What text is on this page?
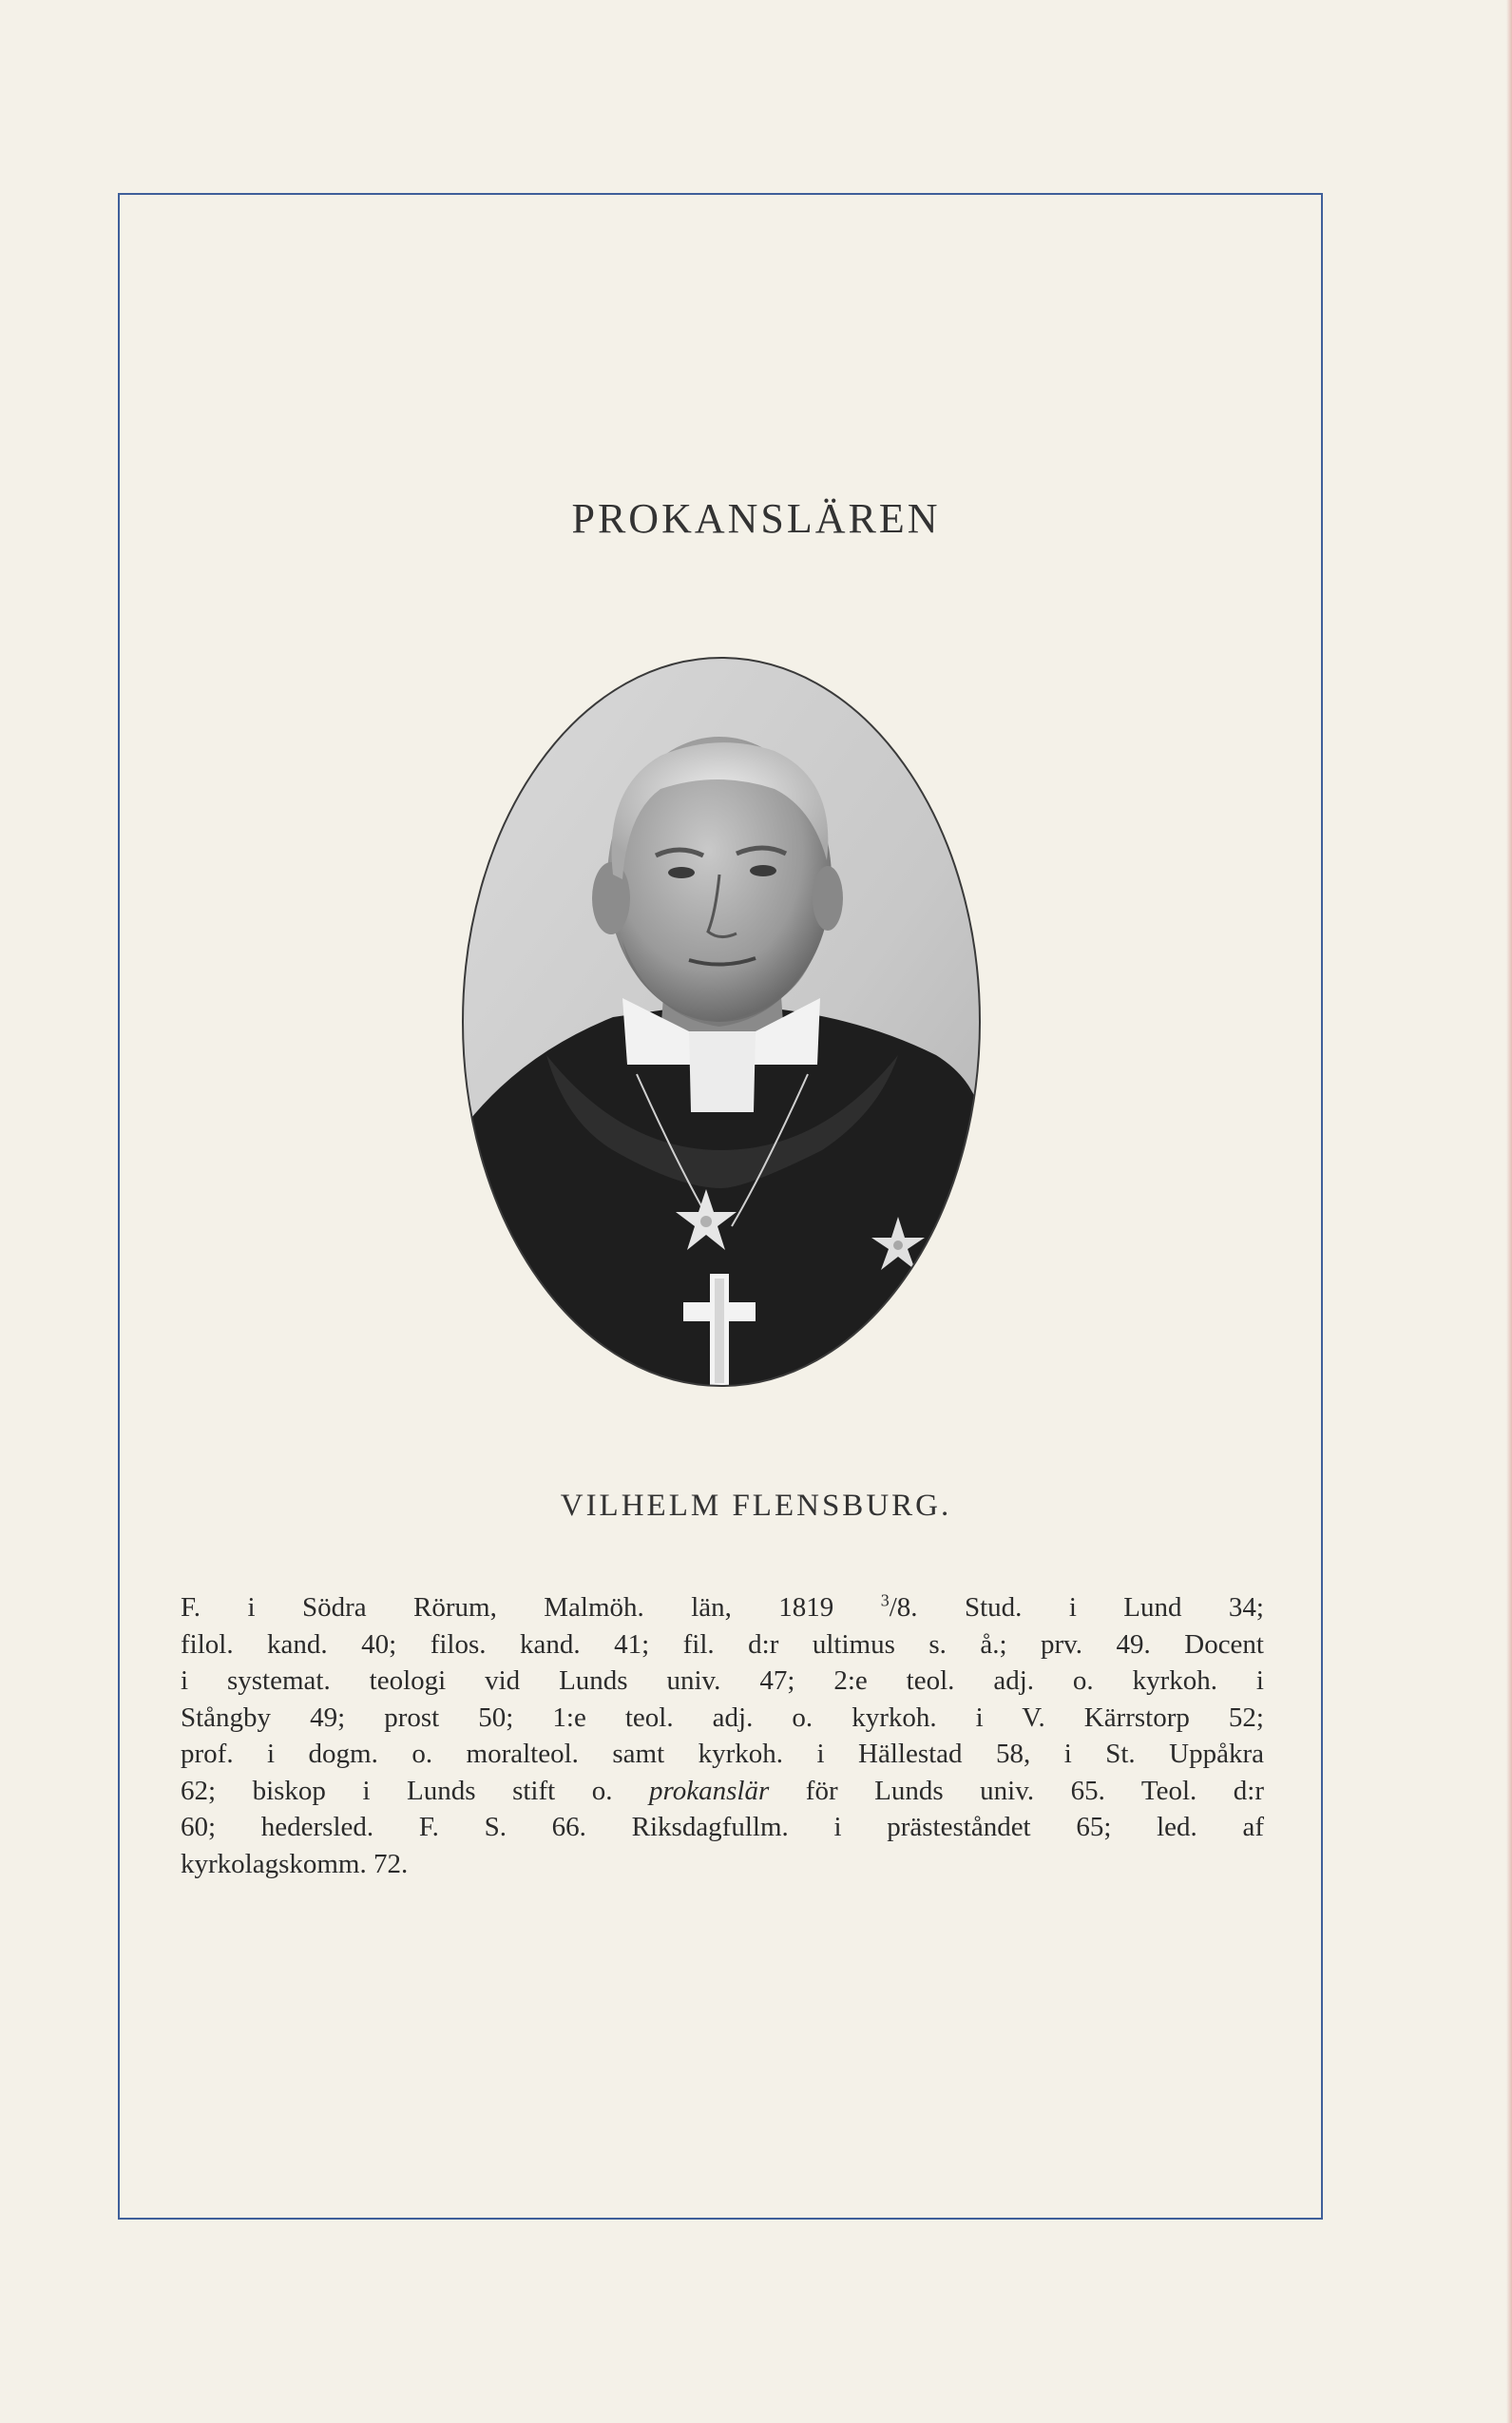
PROKANSLÄREN
VILHELM FLENSBURG.
F. i Södra Rörum, Malmöh. län, 1819 $^3$/8. Stud. i Lund 34;
filol. kand. 40; filos. kand. 41; fil. d:r ultimus s. å.; prv. 49. Docent
i systemat. teologi vid Lunds univ. 47; 2:e teol. adj. o. kyrkoh. i
Stångby 49; prost 50; 1:e teol. adj. o. kyrkoh. i V. Kärrstorp 52;
prof. i dogm. o. moralteol. samt kyrkoh. i Hällestad 58, i St. Uppåkra
62; biskop i Lunds stift o. prokanslär för Lunds univ. 65. Teol. d:r
60; hedersled. F. S. 66. Riksdagfullm. i prästeståndet 65; led. af
kyrkolagskomm. 72.
